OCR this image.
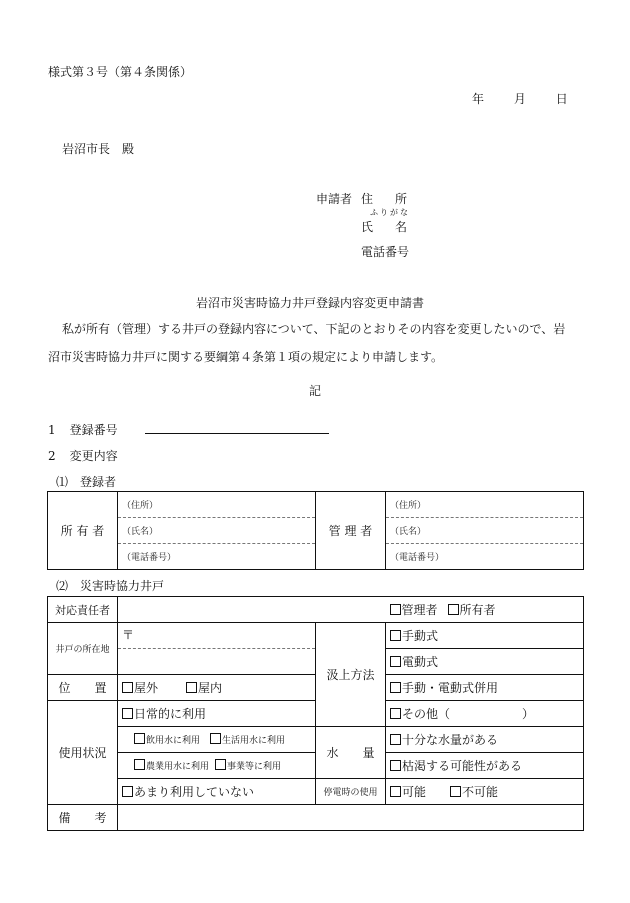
様式第３号（第４条関係）
年 月 日
岩沼市長　殿
申請者 住所
ふりがな
氏名
電話番号
岩沼市災害時協力井戸登録内容変更申請書
私が所有（管理）する井戸の登録内容について、下記のとおりその内容を変更したいので、岩
沼市災害時協力井戸に関する要綱第４条第１項の規定により申請します。
記
1 登録番号
2 変更内容
⑴　登録者
所 有 者	（住所）	管 理 者	（住所）
	（氏名）		（氏名）
	（電話番号）		（電話番号）
⑵　災害時協力井戸
対応責任者			管理者 所有者
井戸の所在地	〒	汲上方法	手動式
			電動式
位　　置	屋外 屋内		手動・電動式併用
使用状況	日常的に利用		その他（　　　　　　）
	飲用水に利用 生活用水に利用	水　　量	十分な水量がある
	農業用水に利用 事業等に利用		枯渇する可能性がある
	あまり利用していない	停電時の使用	可能 不可能
備　　考			
